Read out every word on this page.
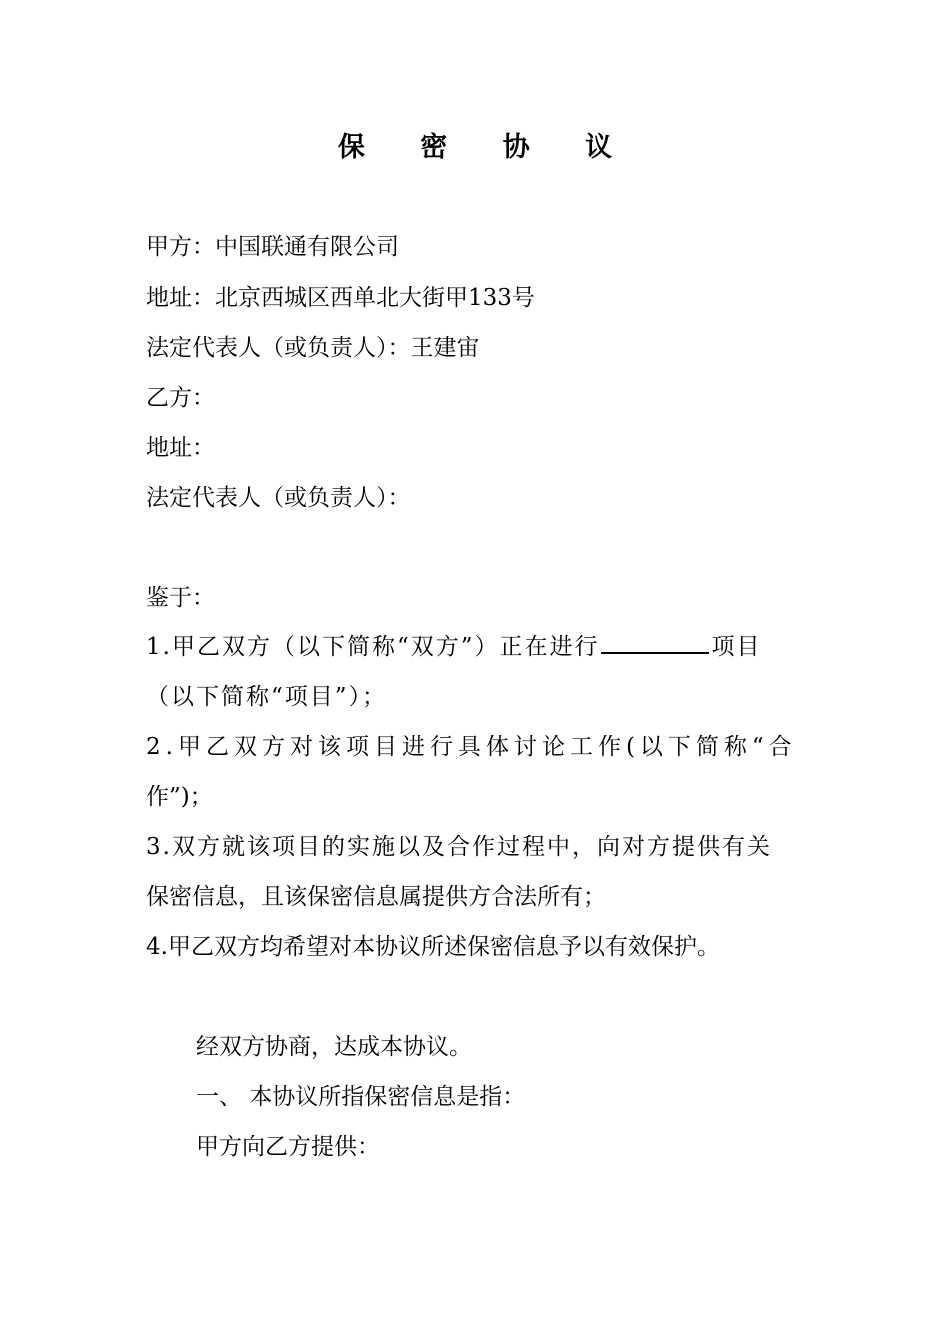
保 密 协 议
甲方：中国联通有限公司
地址：北京西城区西单北大街甲133号
法定代表人（或负责人）：王建宙
乙方：
地址：
法定代表人（或负责人）：
鉴于：
1.甲乙双方（以下简称“双方”）正在进行	项目
（以下简称“项目”）；
2.甲乙双方对该项目进行具体讨论工作(以下简称“合
作”)；
3.双方就该项目的实施以及合作过程中，向对方提供有关
保密信息，且该保密信息属提供方合法所有；
4.甲乙双方均希望对本协议所述保密信息予以有效保护。
经双方协商，达成本协议。
一、 本协议所指保密信息是指：
甲方向乙方提供：
